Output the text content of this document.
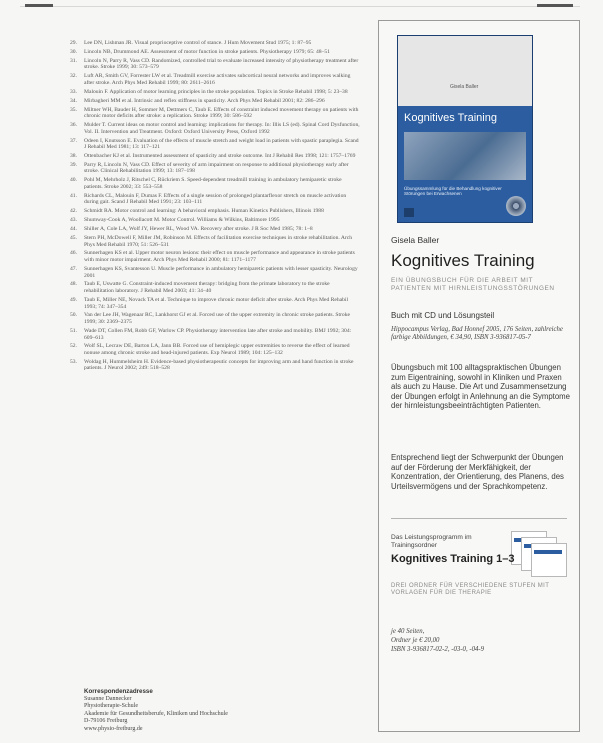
29.	Lee DN, Lishman JR. Visual proprioceptive control of stance. J Hum Movement Stud 1975; 1: 87–95
30.	Lincoln NB, Drummond AE. Assessment of motor function in stroke patients. Physiotherapy 1979; 65: 48–51
31.	Lincoln N, Parry R, Vass CD. Randomized, controlled trial to evaluate increased intensity of physiotherapy treatment after stroke. Stroke 1999; 30: 573–579
32.	Luft AR, Smith GV, Forrester LW et al. Treadmill exercise activates subcortical neural networks and improves walking after stroke. Arch Phys Med Rehabil 1999; 80: 2611–2616
33.	Malouin F. Application of motor learning principles in the stroke population. Topics in Stroke Rehabil 1998; 5: 23–38
34.	Mirbagheri MM et al. Intrinsic and reflex stiffness in spasticity. Arch Phys Med Rehabil 2001; 82: 286–296
35.	Miltner WH, Bauder H, Sommer M, Dettmers C, Taub E. Effects of constraint induced movement therapy on patients with chronic motor deficits after stroke: a replication. Stroke 1999; 30: 586–592
36.	Mulder T. Current ideas on motor control and learning: implications for therapy. In: Illis LS (ed). Spinal Cord Dysfunction, Vol. II. Intervention and Treatment. Oxford: Oxford University Press, Oxford 1992
37.	Odeen I, Knutsson E. Evaluation of the effects of muscle stretch and weight load in patients with spastic paraplegia. Scand J Rehabil Med 1981; 13: 117–121
38.	Ottenbacher KJ et al. Instrumented assessment of spasticity and stroke outcome. Int J Rehabil Res 1998; 121: 1757–1769
39.	Parry R, Lincoln N, Vass CD. Effect of severity of arm impairment on response to additional physiotherapy early after stroke. Clinical Rehabilitation 1999; 13: 187–198
40.	Pohl M, Mehrholz J, Ritschel C, Rückriem S. Speed-dependent treadmill training in ambulatory hemiparetic stroke patients. Stroke 2002; 33: 553–558
41.	Richards CL, Malouin F, Dumas F. Effects of a single session of prolonged plantarflexor stretch on muscle activation during gait. Scand J Rehabil Med 1991; 23: 103–111
42.	Schmidt RA. Motor control and learning: A behavioral emphasis. Human Kinetics Publishers, Illinois 1988
43.	Shumway-Cook A, Woollacott M. Motor Control. Williams & Wilkins, Baltimore 1995
44.	Shiller A, Cole LA, Wolf JY, Hewer RL, Wood VA. Recovery after stroke. J R Soc Med 1985; 78: 1–8
45.	Stern PH, McDowell F, Miller JM, Robinson M. Effects of facilitation exercise techniques in stroke rehabilitation. Arch Phys Med Rehabil 1970; 51: 526–531
46.	Sunnerhagen KS et al. Upper motor neuron lesions: their effect on muscle performance and appearance in stroke patients with minor motor impairment. Arch Phys Med Rehabil 2000; 81: 1171–1177
47.	Sunnerhagen KS, Svantesson U. Muscle performance in ambulatory hemiparetic patients with lesser spasticity. Neurology 2001
48.	Taub E, Uswatte G. Constraint-induced movement therapy: bridging from the primate laboratory to the stroke rehabilitation laboratory. J Rehabil Med 2003; 41: 34–40
49.	Taub E, Miller NE, Novack TA et al. Technique to improve chronic motor deficit after stroke. Arch Phys Med Rehabil 1993; 74: 347–354
50.	Van der Lee JH, Wagenaar RC, Lankhorst GJ et al. Forced use of the upper extremity in chronic stroke patients. Stroke 1999; 30: 2369–2375
51.	Wade DT, Collen FM, Robb GF, Warlow CP. Physiotherapy intervention late after stroke and mobility. BMJ 1992; 304: 609–613
52.	Wolf SL, Lecraw DE, Barton LA, Jann BB. Forced use of hemiplegic upper extremities to reverse the effect of learned nonuse among chronic stroke and head-injured patients. Exp Neurol 1989; 104: 125–132
53.	Woldag H, Hummelsheim H. Evidence-based physiotherapeutic concepts for improving arm and hand function in stroke patients. J Neurol 2002; 249: 518–528
Korrespondenzadresse
Susanne Dannecker
Physiotherapie-Schule
Akademie für Gesundheitsberufe, Kliniken und Hochschule
D-79106 Freiburg
www.physio-freiburg.de
Gisela Baller
Kognitives Training
Übungssammlung für die Behandlung kognitiver Störungen bei Erwachsenen
Gisela Baller
Kognitives Training
EIN ÜBUNGSBUCH FÜR DIE ARBEIT MIT PATIENTEN MIT HIRNLEISTUNGSSTÖRUNGEN
Buch mit CD und Lösungsteil
Hippocampus Verlag, Bad Honnef 2005, 176 Seiten, zahlreiche farbige Abbildungen, € 34,90, ISBN 3-936817-05-7
Übungsbuch mit 100 alltagspraktischen Übungen zum Eigentraining, sowohl in Kliniken und Praxen als auch zu Hause. Die Art und Zusammensetzung der Übungen erfolgt in Anlehnung an die Symptome der hirnleistungsbeeinträchtigten Patienten.
Entsprechend liegt der Schwerpunkt der Übungen auf der Förderung der Merkfähigkeit, der Konzentration, der Orientierung, des Planens, des Urteilsvermögens und der Sprachkompetenz.
Das Leistungsprogramm im Trainingsordner
Kognitives Training 1–3
DREI ORDNER FÜR VERSCHIEDENE STUFEN MIT VORLAGEN FÜR DIE THERAPIE
je 40 Seiten,
Ordner je € 20,00
ISBN 3-936817-02-2, -03-0, -04-9
